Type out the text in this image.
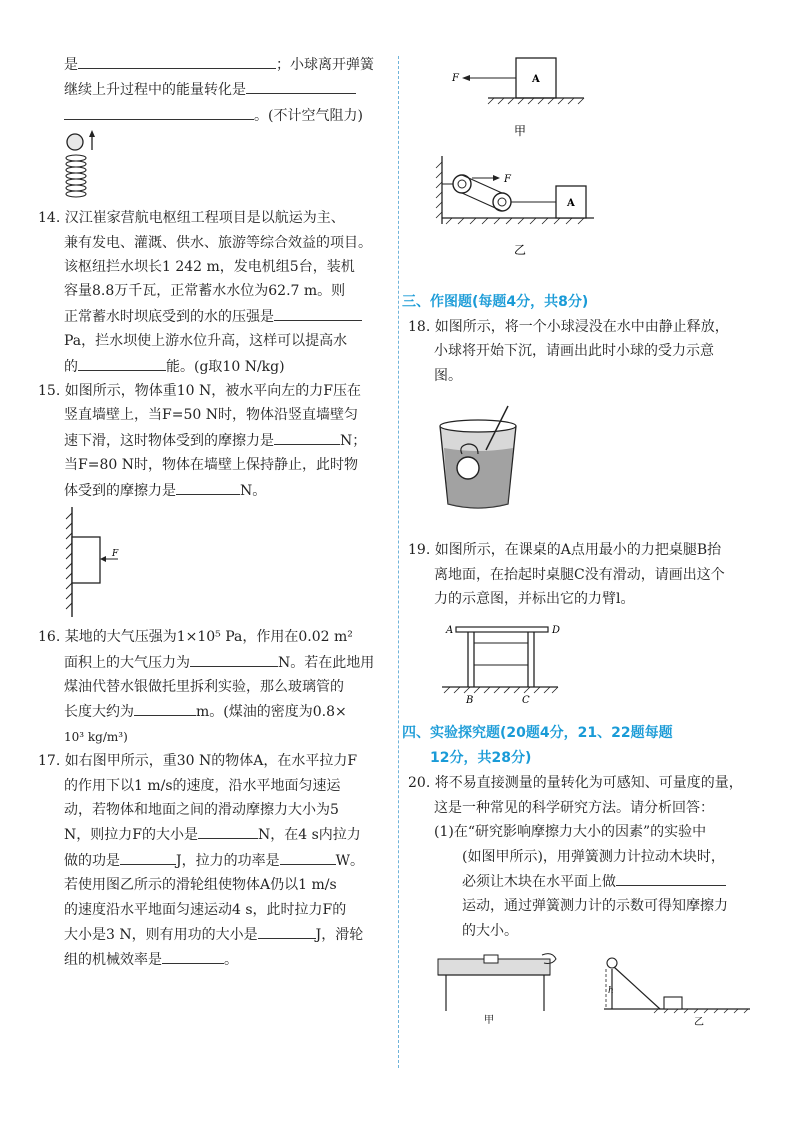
是	；小球离开弹簧

继续上升过程中的能量转化是

。(不计空气阻力)

14. 汉江崔家营航电枢纽工程项目是以航运为主、

兼有发电、灌溉、供水、旅游等综合效益的项目。

该枢纽拦水坝长1 242 m，发电机组5台，装机

容量8.8万千瓦，正常蓄水水位为62.7 m。则

正常蓄水时坝底受到的水的压强是

Pa，拦水坝使上游水位升高，这样可以提高水

的	能。(g取10 N/kg)

15. 如图所示，物体重10 N，被水平向左的力F压在

竖直墙壁上，当F=50 N时，物体沿竖直墙壁匀

速下滑，这时物体受到的摩擦力是	N；

当F=80 N时，物体在墙壁上保持静止，此时物

体受到的摩擦力是	N。

F

16. 某地的大气压强为1×10⁵ Pa，作用在0.02 m²

面积上的大气压力为	N。若在此地用

煤油代替水银做托里拆利实验，那么玻璃管的

长度大约为	m。(煤油的密度为0.8×

10³ kg/m³)

17. 如右图甲所示，重30 N的物体A，在水平拉力F

的作用下以1 m/s的速度，沿水平地面匀速运

动，若物体和地面之间的滑动摩擦力大小为5

N，则拉力F的大小是	N，在4 s内拉力

做的功是	J，拉力的功率是	W。

若使用图乙所示的滑轮组使物体A仍以1 m/s

的速度沿水平地面匀速运动4 s，此时拉力F的

大小是3 N，则有用功的大小是	J，滑轮

组的机械效率是	。

A
F
甲
F
A
乙

三、作图题(每题4分，共8分)

18. 如图所示，将一个小球浸没在水中由静止释放，

小球将开始下沉，请画出此时小球的受力示意

图。

19. 如图所示，在课桌的A点用最小的力把桌腿B抬

离地面，在抬起时桌腿C没有滑动，请画出这个

力的示意图，并标出它的力臂l。

A	D
B	C

四、实验探究题(20题4分，21、22题每题

12分，共28分)

20. 将不易直接测量的量转化为可感知、可量度的量，

这是一种常见的科学研究方法。请分析回答：

(1)在“研究影响摩擦力大小的因素”的实验中

(如图甲所示)，用弹簧测力计拉动木块时，

必须让木块在水平面上做

运动，通过弹簧测力计的示数可得知摩擦力

的大小。

甲
h
乙
